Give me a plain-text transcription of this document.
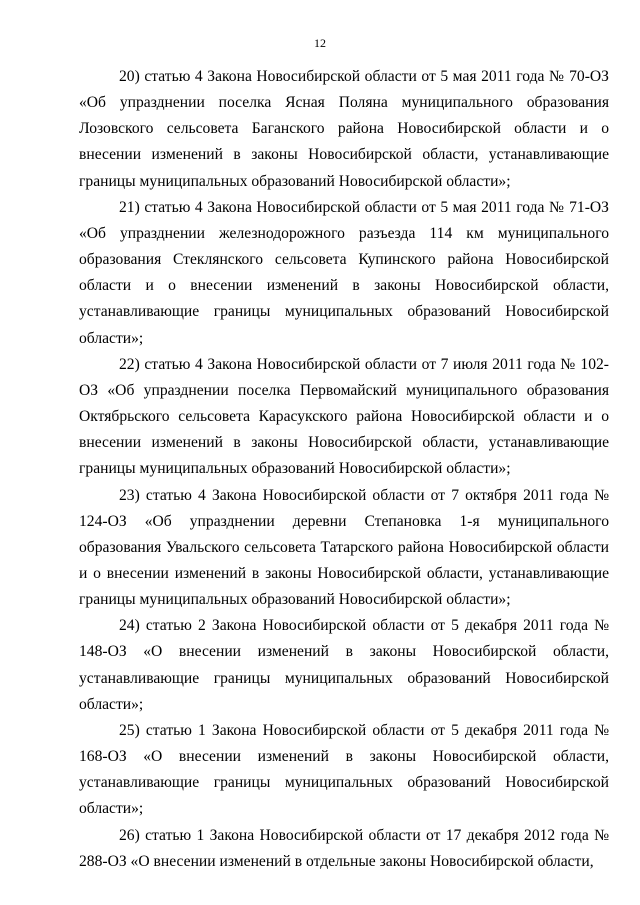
12

20) статью 4 Закона Новосибирской области от 5 мая 2011 года № 70-ОЗ «Об упразднении поселка Ясная Поляна муниципального образования Лозовского сельсовета Баганского района Новосибирской области и о внесении изменений в законы Новосибирской области, устанавливающие границы муниципальных образований Новосибирской области»;

21) статью 4 Закона Новосибирской области от 5 мая 2011 года № 71-ОЗ «Об упразднении железнодорожного разъезда 114 км муниципального образования Стеклянского сельсовета Купинского района Новосибирской области и о внесении изменений в законы Новосибирской области, устанавливающие границы муниципальных образований Новосибирской области»;

22) статью 4 Закона Новосибирской области от 7 июля 2011 года № 102-ОЗ «Об упразднении поселка Первомайский муниципального образования Октябрьского сельсовета Карасукского района Новосибирской области и о внесении изменений в законы Новосибирской области, устанавливающие границы муниципальных образований Новосибирской области»;

23) статью 4 Закона Новосибирской области от 7 октября 2011 года № 124-ОЗ «Об упразднении деревни Степановка 1-я муниципального образования Увальского сельсовета Татарского района Новосибирской области и о внесении изменений в законы Новосибирской области, устанавливающие границы муниципальных образований Новосибирской области»;

24) статью 2 Закона Новосибирской области от 5 декабря 2011 года № 148-ОЗ «О внесении изменений в законы Новосибирской области, устанавливающие границы муниципальных образований Новосибирской области»;

25) статью 1 Закона Новосибирской области от 5 декабря 2011 года № 168-ОЗ «О внесении изменений в законы Новосибирской области, устанавливающие границы муниципальных образований Новосибирской области»;

26) статью 1 Закона Новосибирской области от 17 декабря 2012 года № 288-ОЗ «О внесении изменений в отдельные законы Новосибирской области,
